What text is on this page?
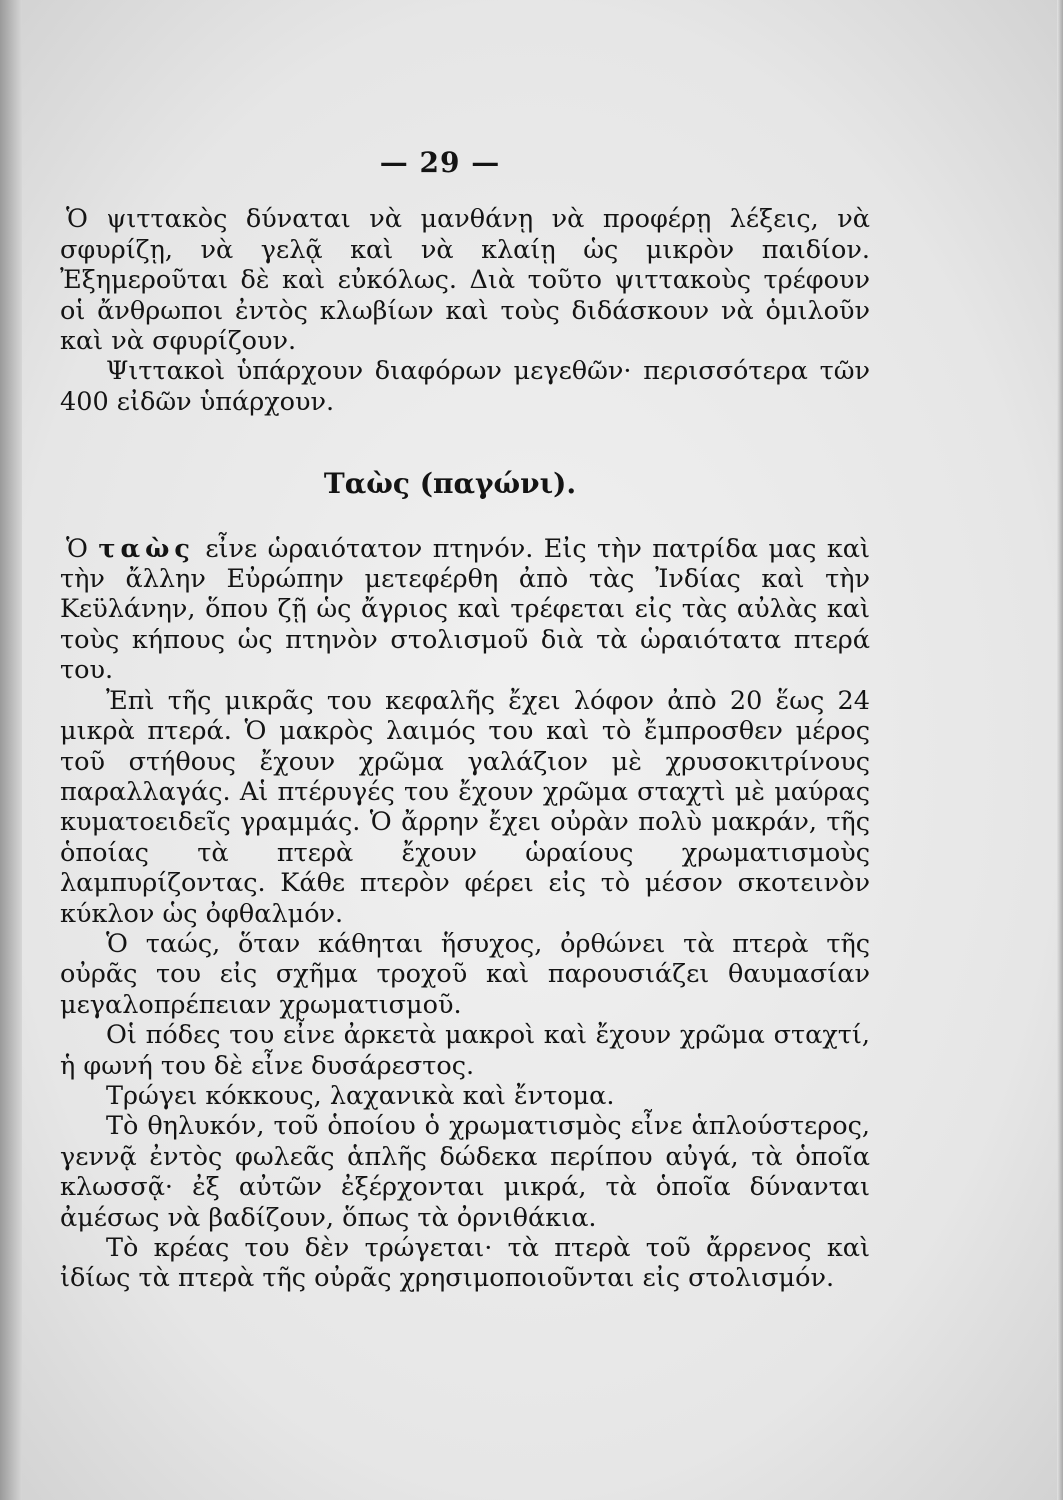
— 29 —

Ὁ ψιττακὸς δύναται νὰ μανθάνῃ νὰ προφέρῃ λέξεις, νὰ σφυρίζῃ, νὰ γελᾷ καὶ νὰ κλαίῃ ὡς μικρὸν παιδίον. Ἐξημεροῦται δὲ καὶ εὐκόλως. Διὰ τοῦτο ψιττακοὺς τρέφουν οἱ ἄνθρωποι ἐντὸς κλωβίων καὶ τοὺς διδάσκουν νὰ ὁμιλοῦν καὶ νὰ σφυρίζουν.

Ψιττακοὶ ὑπάρχουν διαφόρων μεγεθῶν· περισσότερα τῶν 400 εἰδῶν ὑπάρχουν.

Ταὼς (παγώνι).

Ὁ ταὼς εἶνε ὡραιότατον πτηνόν. Εἰς τὴν πατρίδα μας καὶ τὴν ἄλλην Εὐρώπην μετεφέρθη ἀπὸ τὰς Ἰνδίας καὶ τὴν Κεϋλάνην, ὅπου ζῇ ὡς ἄγριος καὶ τρέφεται εἰς τὰς αὐλὰς καὶ τοὺς κήπους ὡς πτηνὸν στολισμοῦ διὰ τὰ ὡραιότατα πτερά του.

Ἐπὶ τῆς μικρᾶς του κεφαλῆς ἔχει λόφον ἀπὸ 20 ἕως 24 μικρὰ πτερά. Ὁ μακρὸς λαιμός του καὶ τὸ ἔμπροσθεν μέρος τοῦ στήθους ἔχουν χρῶμα γαλάζιον μὲ χρυσοκιτρίνους παραλλαγάς. Αἱ πτέρυγές του ἔχουν χρῶμα σταχτὶ μὲ μαύρας κυματοειδεῖς γραμμάς. Ὁ ἄρρην ἔχει οὐρὰν πολὺ μακράν, τῆς ὁποίας τὰ πτερὰ ἔχουν ὡραίους χρωματισμοὺς λαμπυρίζοντας. Κάθε πτερὸν φέρει εἰς τὸ μέσον σκοτεινὸν κύκλον ὡς ὀφθαλμόν.

Ὁ ταώς, ὅταν κάθηται ἥσυχος, ὀρθώνει τὰ πτερὰ τῆς οὐρᾶς του εἰς σχῆμα τροχοῦ καὶ παρουσιάζει θαυμασίαν μεγαλοπρέπειαν χρωματισμοῦ.

Οἱ πόδες του εἶνε ἀρκετὰ μακροὶ καὶ ἔχουν χρῶμα σταχτί, ἡ φωνή του δὲ εἶνε δυσάρεστος.

Τρώγει κόκκους, λαχανικὰ καὶ ἔντομα.

Τὸ θηλυκόν, τοῦ ὁποίου ὁ χρωματισμὸς εἶνε ἁπλούστερος, γεννᾷ ἐντὸς φωλεᾶς ἁπλῆς δώδεκα περίπου αὐγά, τὰ ὁποῖα κλωσσᾷ· ἐξ αὐτῶν ἐξέρχονται μικρά, τὰ ὁποῖα δύνανται ἀμέσως νὰ βαδίζουν, ὅπως τὰ ὀρνιθάκια.

Τὸ κρέας του δὲν τρώγεται· τὰ πτερὰ τοῦ ἄρρενος καὶ ἰδίως τὰ πτερὰ τῆς οὐρᾶς χρησιμοποιοῦνται εἰς στολισμόν.
